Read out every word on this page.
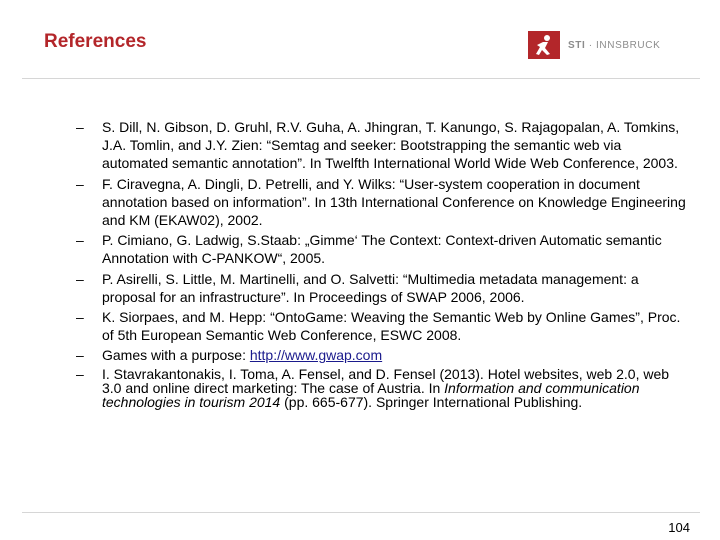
References	STI · INNSBRUCK
– S. Dill, N. Gibson, D. Gruhl, R.V. Guha, A. Jhingran, T. Kanungo, S. Rajagopalan, A. Tomkins, J.A. Tomlin, and J.Y. Zien: “Semtag and seeker: Bootstrapping the semantic web via automated semantic annotation”. In Twelfth International World Wide Web Conference, 2003.
– F. Ciravegna, A. Dingli, D. Petrelli, and Y. Wilks: “User-system cooperation in document annotation based on information”. In 13th International Conference on Knowledge Engineering and KM (EKAW02), 2002.
– P. Cimiano, G. Ladwig, S.Staab: „Gimme‘ The Context: Context-driven Automatic semantic Annotation with C-PANKOW“, 2005.
– P. Asirelli, S. Little, M. Martinelli, and O. Salvetti: “Multimedia metadata management: a proposal for an infrastructure”. In Proceedings of SWAP 2006, 2006.
– K. Siorpaes, and M. Hepp: “OntoGame: Weaving the Semantic Web by Online Games”, Proc. of 5th European Semantic Web Conference, ESWC 2008.
– Games with a purpose: http://www.gwap.com
– I. Stavrakantonakis, I. Toma, A. Fensel, and D. Fensel (2013). Hotel websites, web 2.0, web 3.0 and online direct marketing: The case of Austria. In Information and communication technologies in tourism 2014 (pp. 665-677). Springer International Publishing.
104
